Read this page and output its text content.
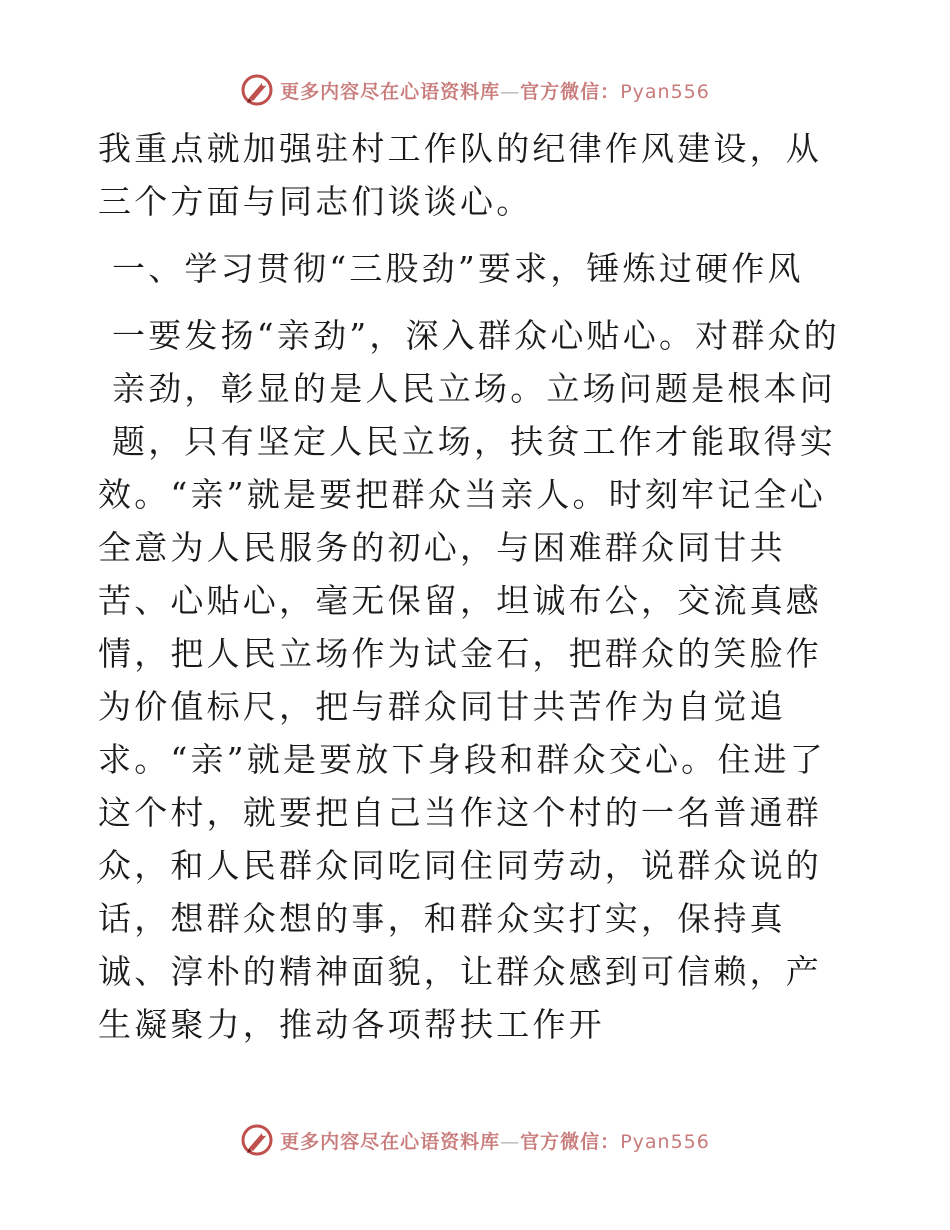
更多内容尽在心语资料库—官方微信：Pyan556

我重点就加强驻村工作队的纪律作风建设，从三个方面与同志们谈谈心。

一、学习贯彻“三股劲”要求，锤炼过硬作风

一要发扬“亲劲”，深入群众心贴心。对群众的亲劲，彰显的是人民立场。立场问题是根本问题，只有坚定人民立场，扶贫工作才能取得实

效。“亲”就是要把群众当亲人。时刻牢记全心全意为人民服务的初心，与困难群众同甘共苦、心贴心，毫无保留，坦诚布公，交流真感情，把人民立场作为试金石，把群众的笑脸作为价值标尺，把与群众同甘共苦作为自觉追求。“亲”就是要放下身段和群众交心。住进了这个村，就要把自己当作这个村的一名普通群众，和人民群众同吃同住同劳动，说群众说的话，想群众想的事，和群众实打实，保持真诚、淳朴的精神面貌，让群众感到可信赖，产生凝聚力，推动各项帮扶工作开

更多内容尽在心语资料库—官方微信：Pyan556
